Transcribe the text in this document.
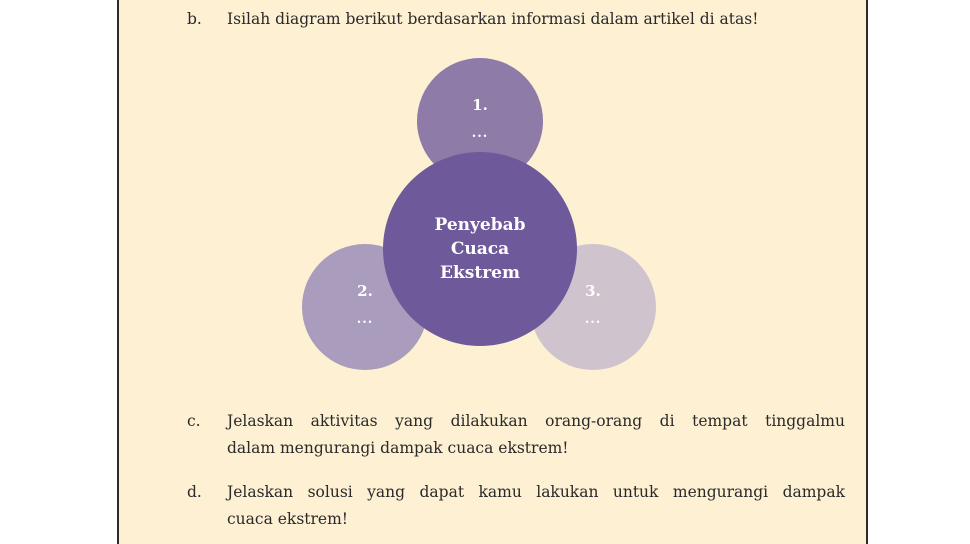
b. Isilah diagram berikut berdasarkan informasi dalam artikel di atas!
2.
...
3.
...
1.
...
Penyebab
Cuaca
Ekstrem
c. Jelaskan aktivitas yang dilakukan orang-orang di tempat tinggalmu
dalam mengurangi dampak cuaca ekstrem!
d. Jelaskan solusi yang dapat kamu lakukan untuk mengurangi dampak
cuaca ekstrem!
